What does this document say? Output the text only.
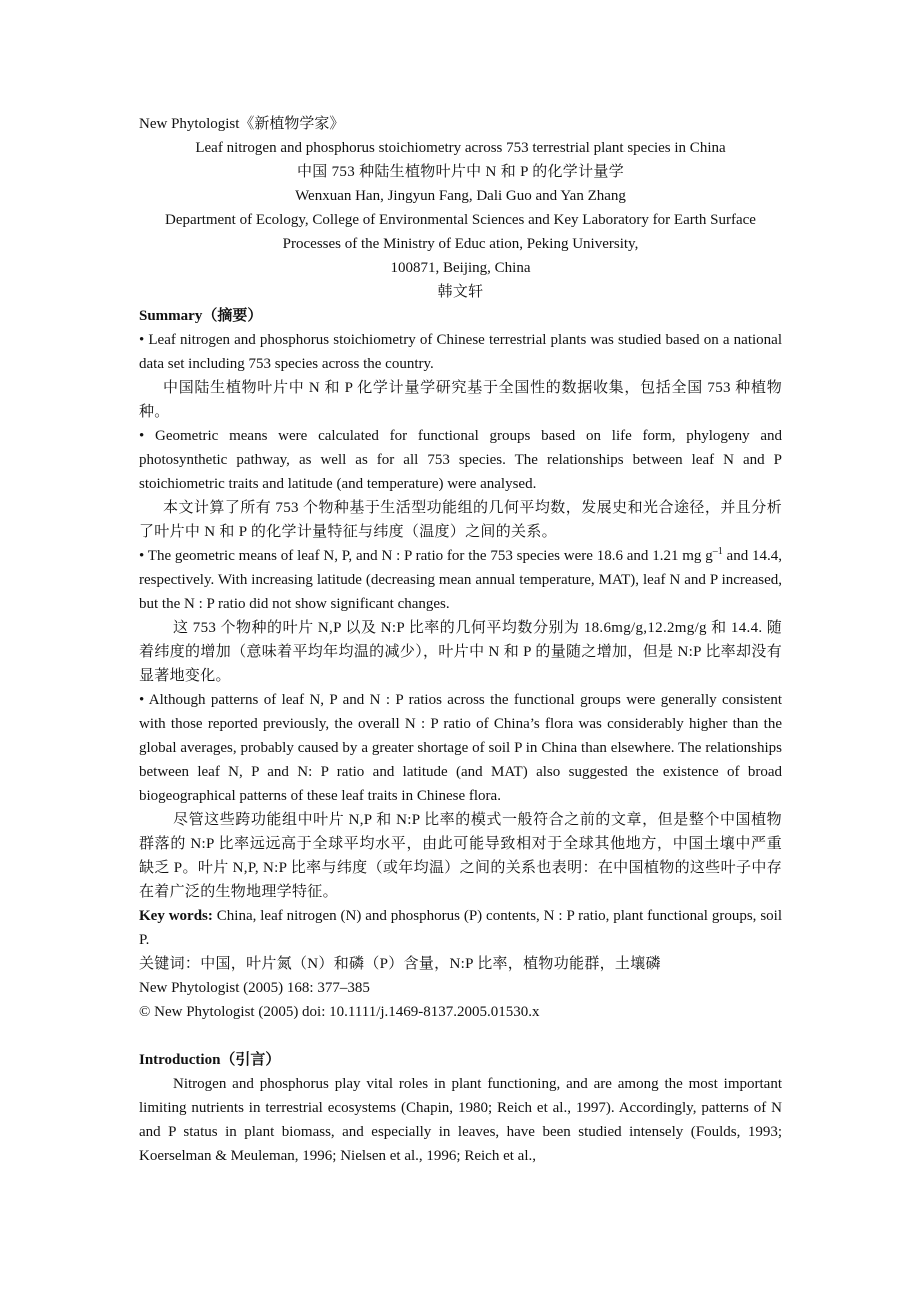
New Phytologist《新植物学家》

Leaf nitrogen and phosphorus stoichiometry across 753 terrestrial plant species in China

中国 753 种陆生植物叶片中 N 和 P 的化学计量学

Wenxuan Han, Jingyun Fang, Dali Guo and Yan Zhang

Department of Ecology, College of Environmental Sciences and Key Laboratory for Earth Surface

Processes of the Ministry of Educ ation, Peking University,

100871, Beijing, China

韩文轩

Summary（摘要）

• Leaf nitrogen and phosphorus stoichiometry of Chinese terrestrial plants was studied based on a national data set including 753 species across the country.

中国陆生植物叶片中 N 和 P 化学计量学研究基于全国性的数据收集，包括全国 753 种植物种。

• Geometric means were calculated for functional groups based on life form, phylogeny and photosynthetic pathway, as well as for all 753 species. The relationships between leaf N and P stoichiometric traits and latitude (and temperature) were analysed.

本文计算了所有 753 个物种基于生活型功能组的几何平均数，发展史和光合途径，并且分析了叶片中 N 和 P 的化学计量特征与纬度（温度）之间的关系。

• The geometric means of leaf N, P, and N : P ratio for the 753 species were 18.6 and 1.21 mg $g^{-1}$ and 14.4, respectively. With increasing latitude (decreasing mean annual temperature, MAT), leaf N and P increased, but the N : P ratio did not show significant changes.

这 753 个物种的叶片 N,P 以及 N:P 比率的几何平均数分别为 18.6mg/g,12.2mg/g 和 14.4. 随着纬度的增加（意味着平均年均温的减少），叶片中 N 和 P 的量随之增加，但是 N:P 比率却没有显著地变化。

• Although patterns of leaf N, P and N : P ratios across the functional groups were generally consistent with those reported previously, the overall N : P ratio of China’s flora was considerably higher than the global averages, probably caused by a greater shortage of soil P in China than elsewhere. The relationships between leaf N, P and N: P ratio and latitude (and MAT) also suggested the existence of broad biogeographical patterns of these leaf traits in Chinese flora.

尽管这些跨功能组中叶片 N,P 和 N:P 比率的模式一般符合之前的文章，但是整个中国植物群落的 N:P 比率远远高于全球平均水平，由此可能导致相对于全球其他地方，中国土壤中严重缺乏 P。叶片 N,P, N:P 比率与纬度（或年均温）之间的关系也表明：在中国植物的这些叶子中存在着广泛的生物地理学特征。

Key words: China, leaf nitrogen (N) and phosphorus (P) contents, N : P ratio, plant functional groups, soil P.

关键词：中国，叶片氮（N）和磷（P）含量，N:P 比率，植物功能群，土壤磷

New Phytologist (2005) 168: 377–385

© New Phytologist (2005) doi: 10.1111/j.1469-8137.2005.01530.x

Introduction（引言）

Nitrogen and phosphorus play vital roles in plant functioning, and are among the most important limiting nutrients in terrestrial ecosystems (Chapin, 1980; Reich et al., 1997). Accordingly, patterns of N and P status in plant biomass, and especially in leaves, have been studied intensely (Foulds, 1993; Koerselman & Meuleman, 1996; Nielsen et al., 1996; Reich et al.,
